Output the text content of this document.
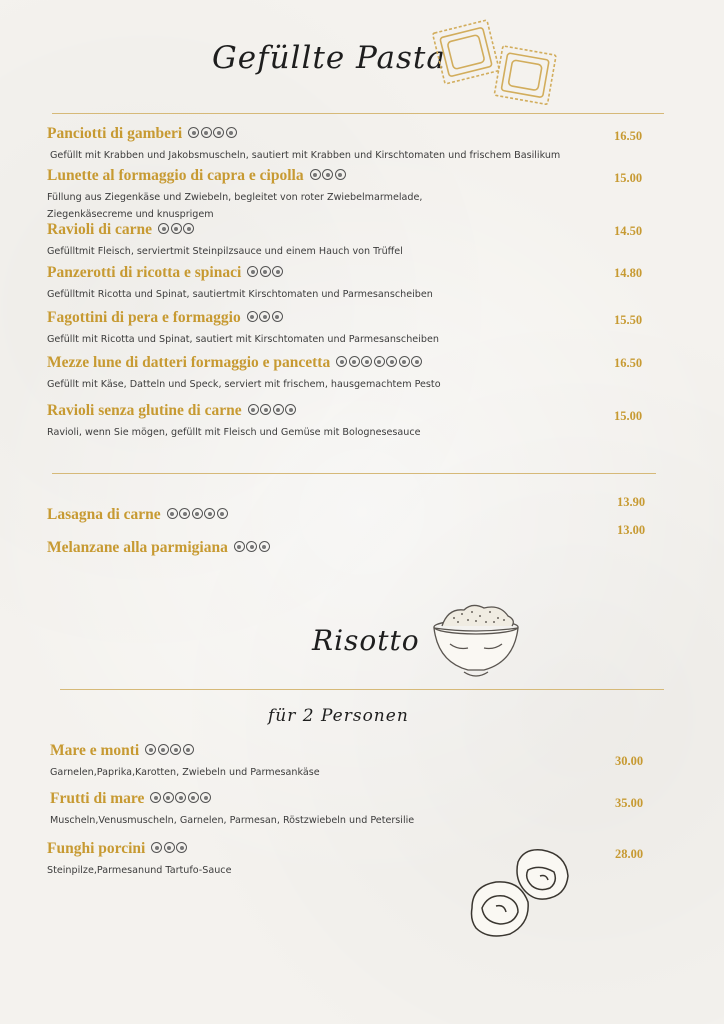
Gefüllte Pasta
Panciotti di gamberi
Gefüllt mit Krabben und Jakobsmuscheln, sautiert mit Krabben und Kirschtomaten und frischem Basilikum
16.50
Lunette al formaggio di capra e cipolla
Füllung aus Ziegenkäse und Zwiebeln, begleitet von roter Zwiebelmarmelade,
Ziegenkäsecreme und knusprigem
15.00
Ravioli di carne
Gefülltmit Fleisch, serviertmit Steinpilzsauce und einem Hauch von Trüffel
14.50
Panzerotti di ricotta e spinaci
Gefülltmit Ricotta und Spinat, sautiertmit Kirschtomaten und Parmesanscheiben
14.80
Fagottini di pera e formaggio
Gefüllt mit Ricotta und Spinat, sautiert mit Kirschtomaten und Parmesanscheiben
15.50
Mezze lune di datteri formaggio e pancetta
Gefüllt mit Käse, Datteln und Speck, serviert mit frischem, hausgemachtem Pesto
16.50
Ravioli senza glutine di carne
Ravioli, wenn Sie mögen, gefüllt mit Fleisch und Gemüse mit Bolognesesauce
15.00
Lasagna di carne
13.90
Melanzane alla parmigiana
13.00
Risotto
für 2 Personen
Mare e monti
Garnelen,Paprika,Karotten, Zwiebeln und Parmesankäse
30.00
Frutti di mare
Muscheln,Venusmuscheln, Garnelen, Parmesan, Röstzwiebeln und Petersilie
35.00
Funghi porcini
Steinpilze,Parmesanund Tartufo-Sauce
28.00
